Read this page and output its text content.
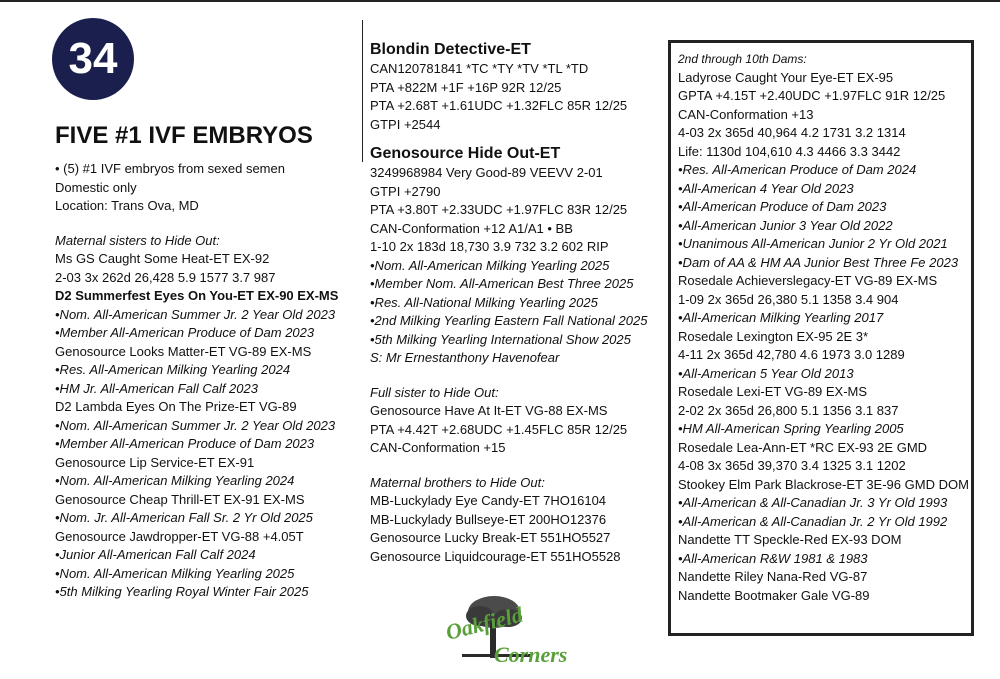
34
FIVE #1 IVF EMBRYOS
• (5) #1 IVF embryos from sexed semen
Domestic only
Location: Trans Ova, MD
Maternal sisters to Hide Out:
Ms GS Caught Some Heat-ET EX-92
2-03 3x 262d 26,428 5.9 1577 3.7 987
D2 Summerfest Eyes On You-ET EX-90 EX-MS
•Nom. All-American Summer Jr. 2 Year Old 2023
•Member All-American Produce of Dam 2023
Genosource Looks Matter-ET VG-89 EX-MS
•Res. All-American Milking Yearling 2024
•HM Jr. All-American Fall Calf 2023
D2 Lambda Eyes On The Prize-ET VG-89
•Nom. All-American Summer Jr. 2 Year Old 2023
•Member All-American Produce of Dam 2023
Genosource Lip Service-ET EX-91
•Nom. All-American Milking Yearling 2024
Genosource Cheap Thrill-ET EX-91 EX-MS
•Nom. Jr. All-American Fall Sr. 2 Yr Old 2025
Genosource Jawdropper-ET VG-88 +4.05T
•Junior All-American Fall Calf 2024
•Nom. All-American Milking Yearling 2025
•5th Milking Yearling Royal Winter Fair 2025
Blondin Detective-ET
CAN120781841 *TC *TY *TV *TL *TD
PTA +822M +1F +16P 92R 12/25
PTA +2.68T +1.61UDC +1.32FLC 85R 12/25
GTPI +2544
Genosource Hide Out-ET
3249968984 Very Good-89 VEEVV 2-01
GTPI +2790
PTA +3.80T +2.33UDC +1.97FLC 83R 12/25
CAN-Conformation +12 A1/A1 • BB
1-10 2x 183d 18,730 3.9 732 3.2 602 RIP
•Nom. All-American Milking Yearling 2025
•Member Nom. All-American Best Three 2025
•Res. All-National Milking Yearling 2025
•2nd Milking Yearling Eastern Fall National 2025
•5th Milking Yearling International Show 2025
S: Mr Ernestanthony Havenofear
Full sister to Hide Out:
Genosource Have At It-ET VG-88 EX-MS
PTA +4.42T +2.68UDC +1.45FLC 85R 12/25
CAN-Conformation +15
Maternal brothers to Hide Out:
MB-Luckylady Eye Candy-ET 7HO16104
MB-Luckylady Bullseye-ET 200HO12376
Genosource Lucky Break-ET 551HO5527
Genosource Liquidcourage-ET 551HO5528
2nd through 10th Dams:
Ladyrose Caught Your Eye-ET EX-95
GPTA +4.15T +2.40UDC +1.97FLC 91R 12/25
CAN-Conformation +13
4-03 2x 365d 40,964 4.2 1731 3.2 1314
Life: 1130d 104,610 4.3 4466 3.3 3442
•Res. All-American Produce of Dam 2024
•All-American 4 Year Old 2023
•All-American Produce of Dam 2023
•All-American Junior 3 Year Old 2022
•Unanimous All-American Junior 2 Yr Old 2021
•Dam of AA & HM AA Junior Best Three Fe 2023
Rosedale Achieverslegacy-ET VG-89 EX-MS
1-09 2x 365d 26,380 5.1 1358 3.4 904
•All-American Milking Yearling 2017
Rosedale Lexington EX-95 2E 3*
4-11 2x 365d 42,780 4.6 1973 3.0 1289
•All-American 5 Year Old 2013
Rosedale Lexi-ET VG-89 EX-MS
2-02 2x 365d 26,800 5.1 1356 3.1 837
•HM All-American Spring Yearling 2005
Rosedale Lea-Ann-ET *RC EX-93 2E GMD
4-08 3x 365d 39,370 3.4 1325 3.1 1202
Stookey Elm Park Blackrose-ET 3E-96 GMD DOM
•All-American & All-Canadian Jr. 3 Yr Old 1993
•All-American & All-Canadian Jr. 2 Yr Old 1992
Nandette TT Speckle-Red EX-93 DOM
•All-American R&W 1981 & 1983
Nandette Riley Nana-Red VG-87
Nandette Bootmaker Gale VG-89
Oakfield
Corners
